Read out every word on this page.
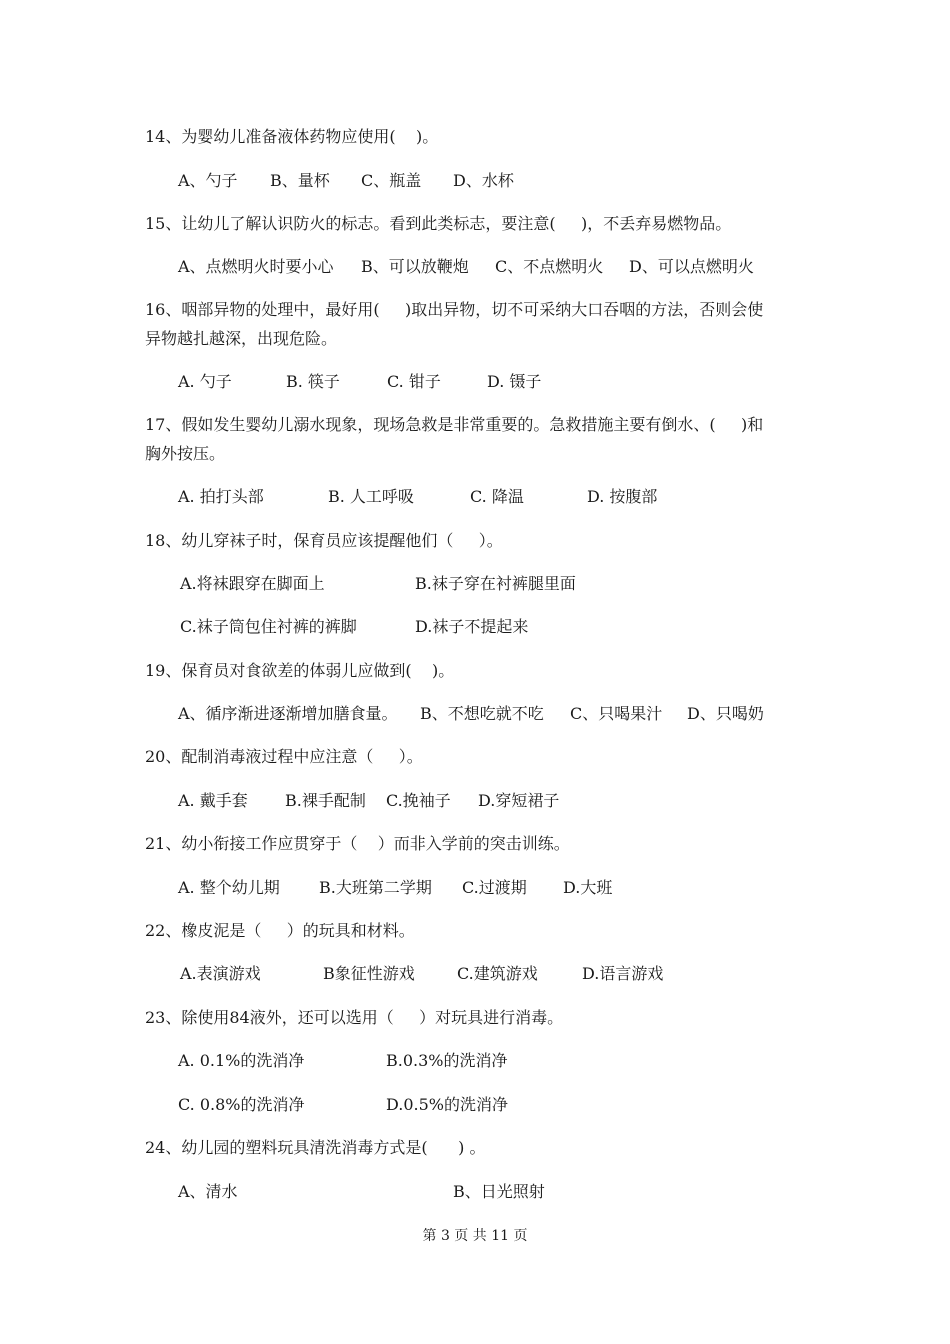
14、为婴幼儿准备液体药物应使用(    )。
A、勺子 B、量杯 C、瓶盖 D、水杯
15、让幼儿了解认识防火的标志。看到此类标志，要注意(     )，不丢弃易燃物品。
A、点燃明火时要小心 B、可以放鞭炮 C、不点燃明火 D、可以点燃明火
16、咽部异物的处理中，最好用(     )取出异物，切不可采纳大口吞咽的方法，否则会使
异物越扎越深，出现危险。
A. 勺子	B. 筷子	C. 钳子	D. 镊子
17、假如发生婴幼儿溺水现象，现场急救是非常重要的。急救措施主要有倒水、(     )和
胸外按压。
A. 拍打头部	B. 人工呼吸	C. 降温	D. 按腹部
18、幼儿穿袜子时，保育员应该提醒他们（     ）。
A.将袜跟穿在脚面上	B.袜子穿在衬裤腿里面
C.袜子筒包住衬裤的裤脚	D.袜子不提起来
19、保育员对食欲差的体弱儿应做到(    )。
A、循序渐进逐渐增加膳食量。 B、不想吃就不吃 C、只喝果汁 D、只喝奶
20、配制消毒液过程中应注意（     ）。
A. 戴手套 B.裸手配制 C.挽袖子 D.穿短裙子
21、幼小衔接工作应贯穿于（    ）而非入学前的突击训练。
A. 整个幼儿期 B.大班第二学期 C.过渡期 D.大班
22、橡皮泥是（     ）的玩具和材料。
A.表演游戏	B象征性游戏	C.建筑游戏	D.语言游戏
23、除使用84液外，还可以选用（     ）对玩具进行消毒。
A. 0.1%的洗消净	B.0.3%的洗消净
C. 0.8%的洗消净	D.0.5%的洗消净
24、幼儿园的塑料玩具清洗消毒方式是(      ) 。
A、清水	B、日光照射
第 3 页 共 11 页
